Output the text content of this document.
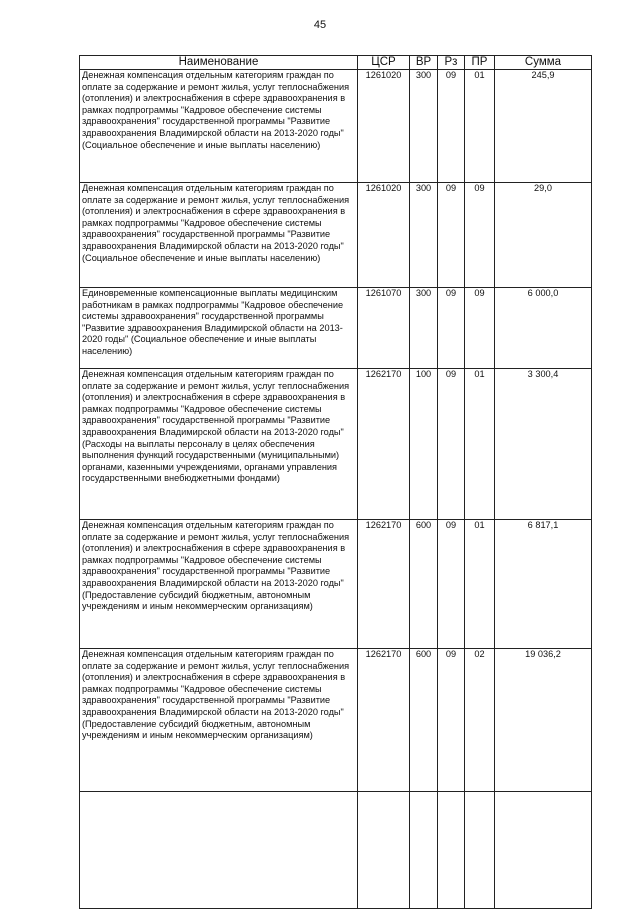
45
Наименование	ЦСР	ВР	Рз	ПР	Сумма
Денежная компенсация отдельным категориям граждан по оплате за содержание и ремонт жилья, услуг теплоснабжения (отопления) и электроснабжения в сфере здравоохранения в рамках подпрограммы "Кадровое обеспечение системы здравоохранения" государственной программы "Развитие здравоохранения Владимирской области на 2013-2020 годы" (Социальное обеспечение и иные выплаты населению)	1261020	300	09	01	245,9
Денежная компенсация отдельным категориям граждан по оплате за содержание и ремонт жилья, услуг теплоснабжения (отопления) и электроснабжения в сфере здравоохранения в рамках подпрограммы "Кадровое обеспечение системы здравоохранения" государственной программы "Развитие здравоохранения Владимирской области на 2013-2020 годы" (Социальное обеспечение и иные выплаты населению)	1261020	300	09	09	29,0
Единовременные компенсационные выплаты медицинским работникам в рамках подпрограммы "Кадровое обеспечение системы здравоохранения" государственной программы "Развитие здравоохранения Владимирской области на 2013-2020 годы" (Социальное обеспечение и иные выплаты населению)	1261070	300	09	09	6 000,0
Денежная компенсация отдельным категориям граждан по оплате за содержание и ремонт жилья, услуг теплоснабжения (отопления) и электроснабжения в сфере здравоохранения в рамках подпрограммы "Кадровое обеспечение системы здравоохранения" государственной программы "Развитие здравоохранения Владимирской области на 2013-2020 годы" (Расходы на выплаты персоналу в целях обеспечения выполнения функций государственными (муниципальными) органами, казенными учреждениями, органами управления государственными внебюджетными фондами)	1262170	100	09	01	3 300,4
Денежная компенсация отдельным категориям граждан по оплате за содержание и ремонт жилья, услуг теплоснабжения (отопления) и электроснабжения в сфере здравоохранения в рамках подпрограммы "Кадровое обеспечение системы здравоохранения" государственной программы "Развитие здравоохранения Владимирской области на 2013-2020 годы" (Предоставление субсидий бюджетным, автономным учреждениям и иным некоммерческим организациям)	1262170	600	09	01	6 817,1
Денежная компенсация отдельным категориям граждан по оплате за содержание и ремонт жилья, услуг теплоснабжения (отопления) и электроснабжения в сфере здравоохранения в рамках подпрограммы "Кадровое обеспечение системы здравоохранения" государственной программы "Развитие здравоохранения Владимирской области на 2013-2020 годы" (Предоставление субсидий бюджетным, автономным учреждениям и иным некоммерческим организациям)	1262170	600	09	02	19 036,2
